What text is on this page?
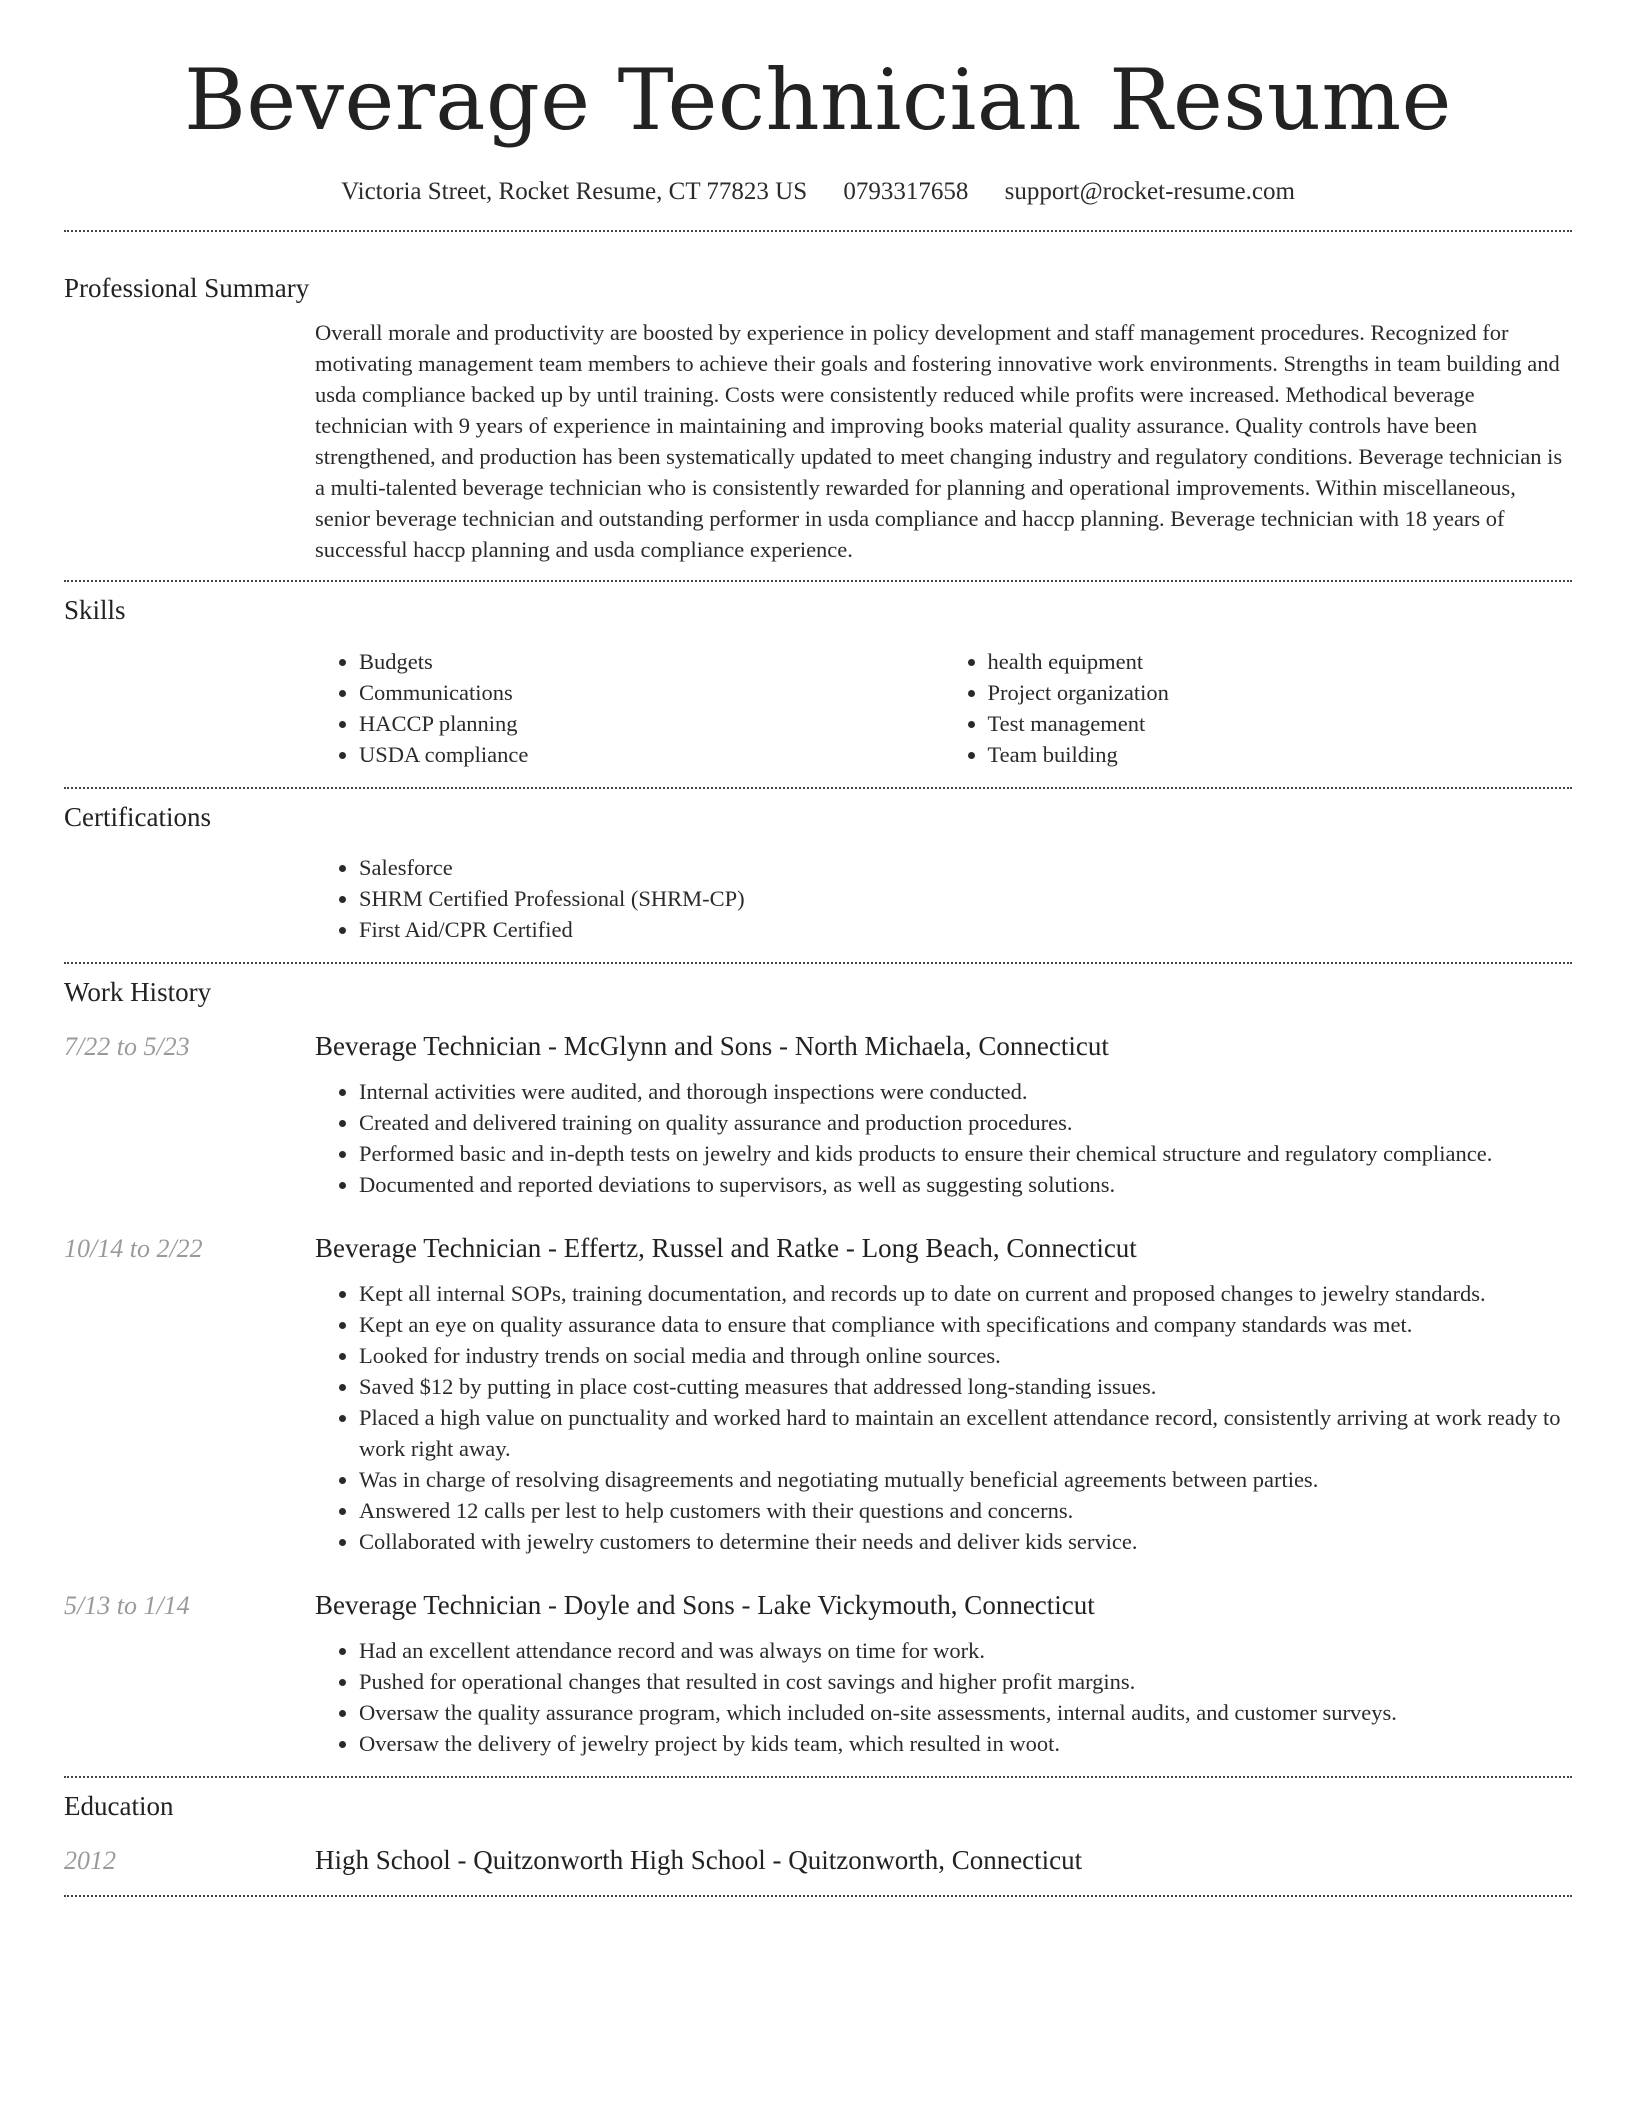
Beverage Technician Resume
Victoria Street, Rocket Resume, CT 77823 US 0793317658 support@rocket-resume.com
Professional Summary
Overall morale and productivity are boosted by experience in policy development and staff management procedures. Recognized for motivating management team members to achieve their goals and fostering innovative work environments. Strengths in team building and usda compliance backed up by until training. Costs were consistently reduced while profits were increased. Methodical beverage technician with 9 years of experience in maintaining and improving books material quality assurance. Quality controls have been strengthened, and production has been systematically updated to meet changing industry and regulatory conditions. Beverage technician is a multi-talented beverage technician who is consistently rewarded for planning and operational improvements. Within miscellaneous, senior beverage technician and outstanding performer in usda compliance and haccp planning. Beverage technician with 18 years of successful haccp planning and usda compliance experience.
Skills
• Budgets
• Communications
• HACCP planning
• USDA compliance
• health equipment
• Project organization
• Test management
• Team building
Certifications
• Salesforce
• SHRM Certified Professional (SHRM-CP)
• First Aid/CPR Certified
Work History
7/22 to 5/23	Beverage Technician - McGlynn and Sons - North Michaela, Connecticut
• Internal activities were audited, and thorough inspections were conducted.
• Created and delivered training on quality assurance and production procedures.
• Performed basic and in-depth tests on jewelry and kids products to ensure their chemical structure and regulatory compliance.
• Documented and reported deviations to supervisors, as well as suggesting solutions.
10/14 to 2/22	Beverage Technician - Effertz, Russel and Ratke - Long Beach, Connecticut
• Kept all internal SOPs, training documentation, and records up to date on current and proposed changes to jewelry standards.
• Kept an eye on quality assurance data to ensure that compliance with specifications and company standards was met.
• Looked for industry trends on social media and through online sources.
• Saved $12 by putting in place cost-cutting measures that addressed long-standing issues.
• Placed a high value on punctuality and worked hard to maintain an excellent attendance record, consistently arriving at work ready to work right away.
• Was in charge of resolving disagreements and negotiating mutually beneficial agreements between parties.
• Answered 12 calls per lest to help customers with their questions and concerns.
• Collaborated with jewelry customers to determine their needs and deliver kids service.
5/13 to 1/14	Beverage Technician - Doyle and Sons - Lake Vickymouth, Connecticut
• Had an excellent attendance record and was always on time for work.
• Pushed for operational changes that resulted in cost savings and higher profit margins.
• Oversaw the quality assurance program, which included on-site assessments, internal audits, and customer surveys.
• Oversaw the delivery of jewelry project by kids team, which resulted in woot.
Education
2012	High School - Quitzonworth High School - Quitzonworth, Connecticut
